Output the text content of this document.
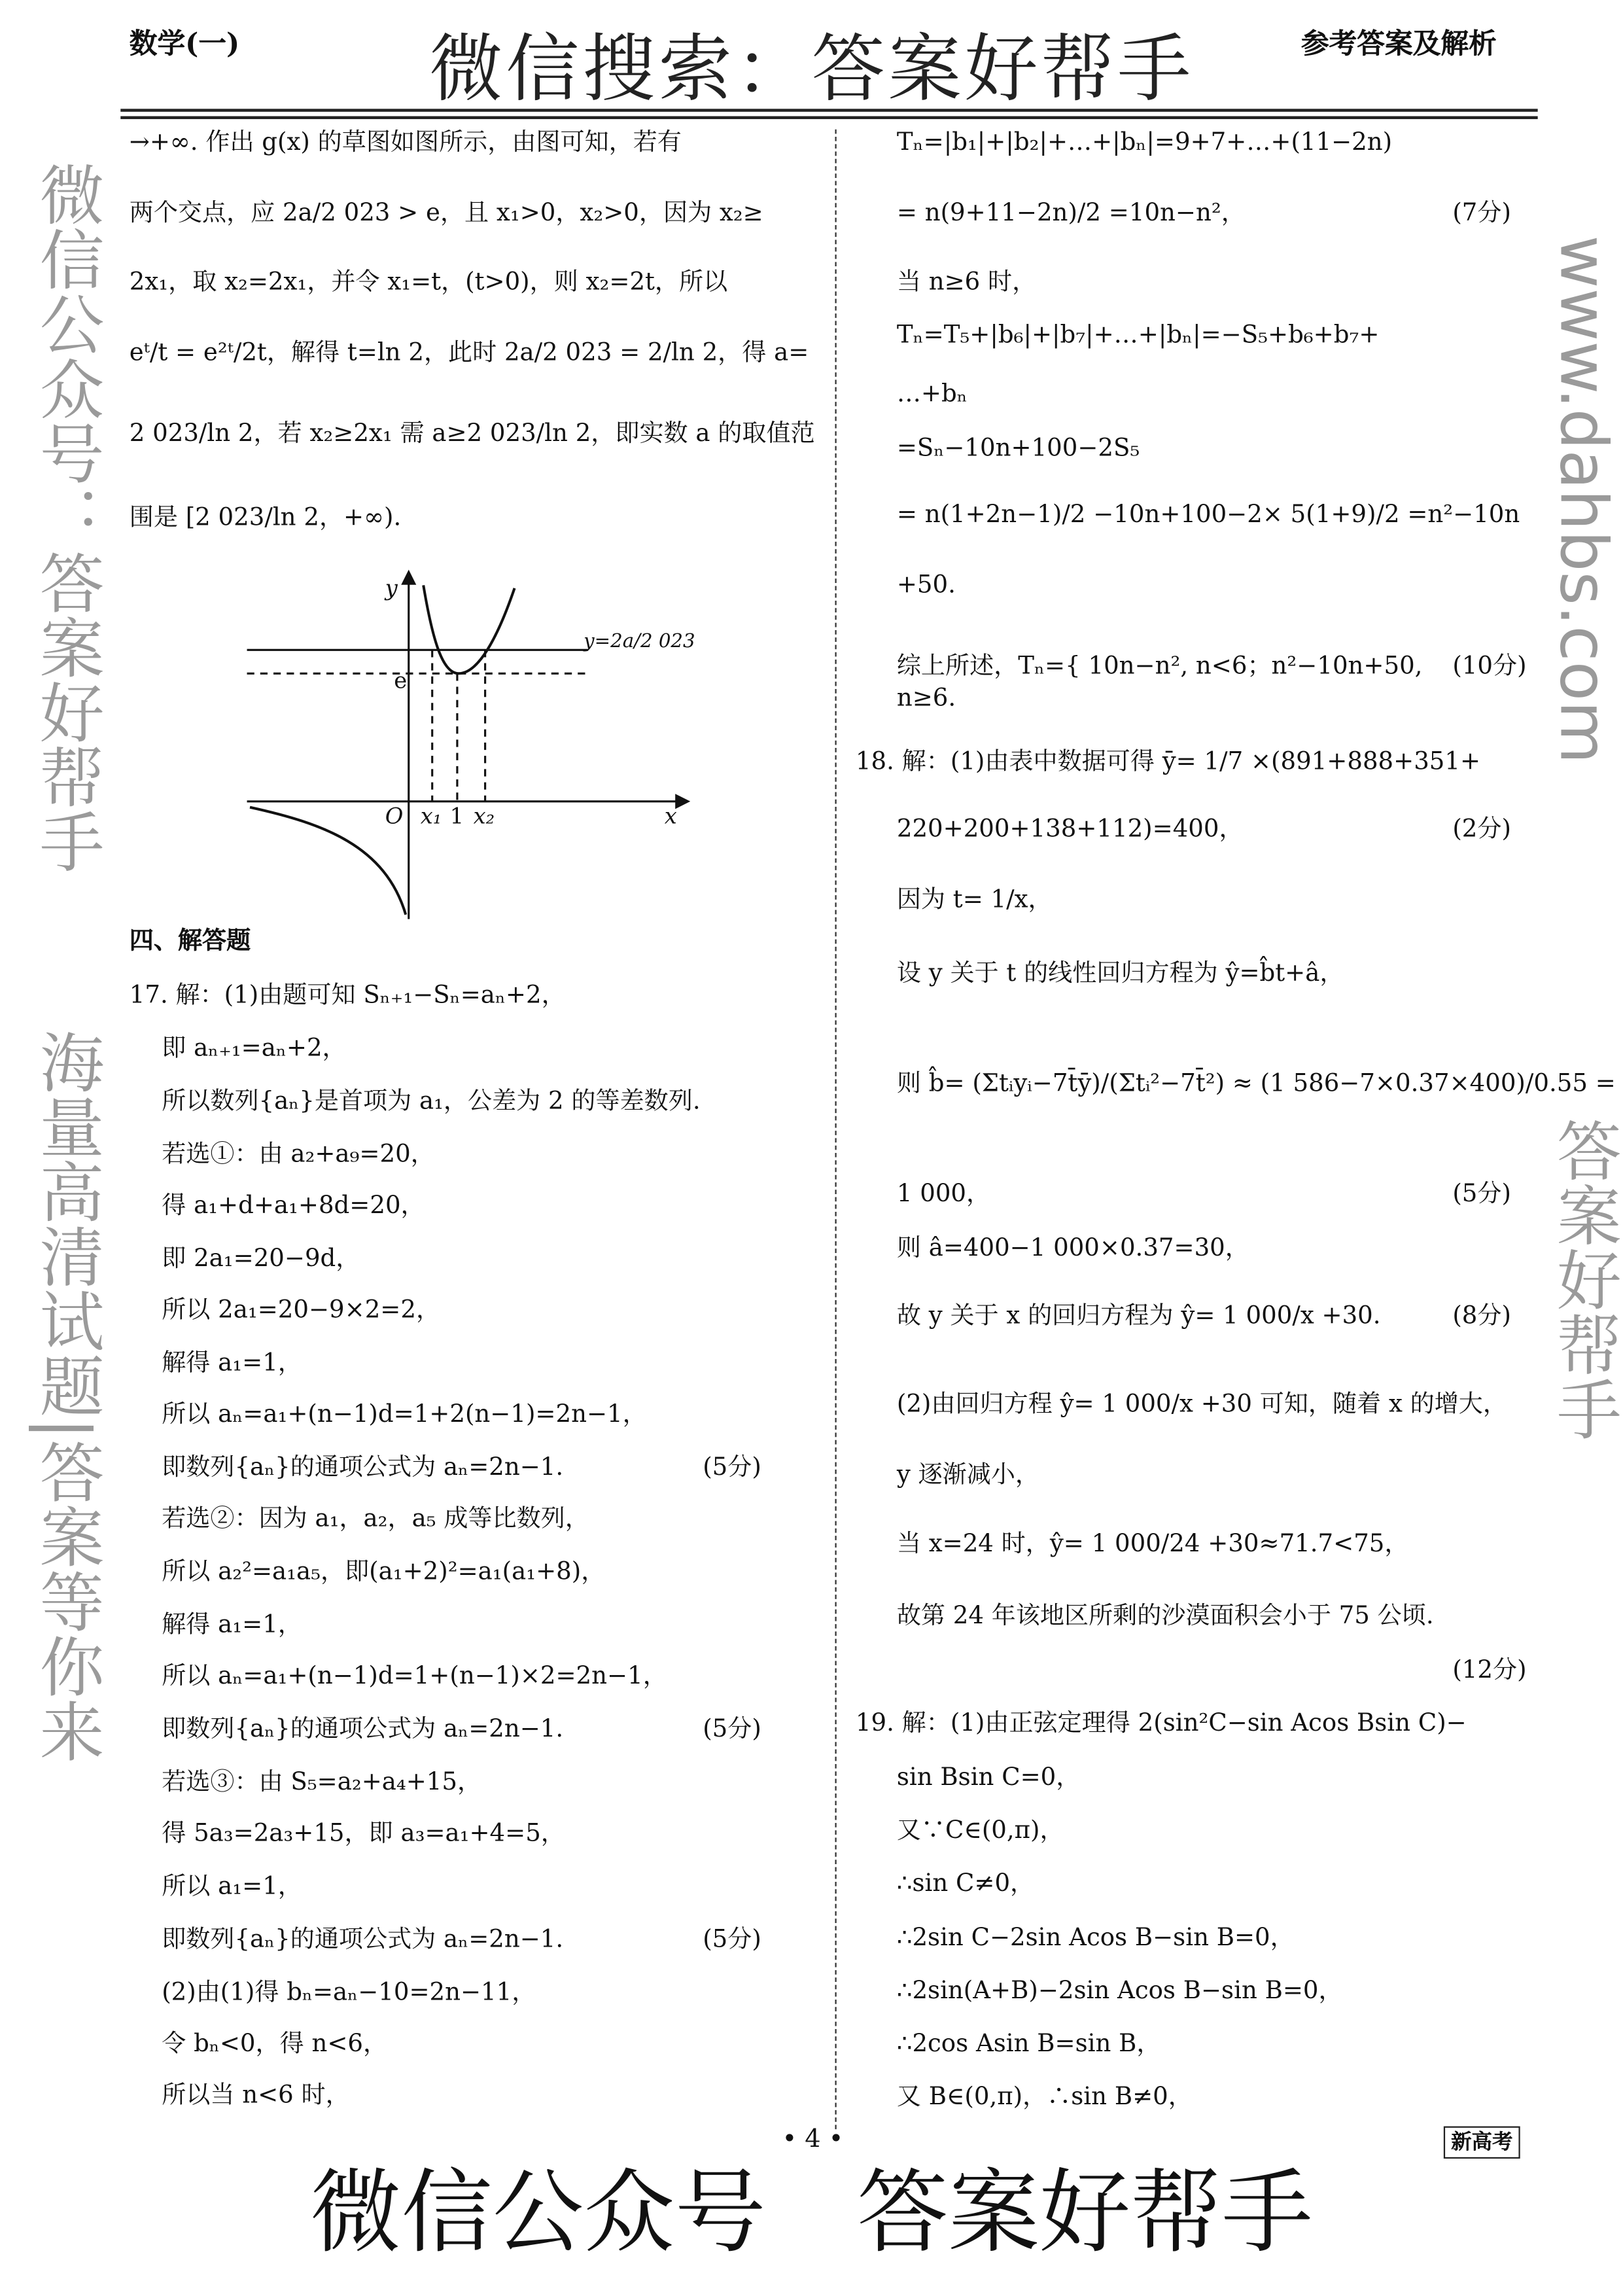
数学(一)	参考答案及解析
微信搜索：答案好帮手
→+∞. 作出 g(x) 的草图如图所示，由图可知，若有
两个交点，应 2a/2 023 > e，且 x₁>0，x₂>0，因为 x₂≥
2x₁，取 x₂=2x₁，并令 x₁=t，(t>0)，则 x₂=2t，所以
eᵗ/t = e²ᵗ/2t，解得 t=ln 2，此时 2a/2 023 = 2/ln 2，得 a=
2 023/ln 2，若 x₂≥2x₁ 需 a≥2 023/ln 2，即实数 a 的取值范
围是 [2 023/ln 2，+∞).
四、解答题
17. 解：(1)由题可知 Sₙ₊₁−Sₙ=aₙ+2，
即 aₙ₊₁=aₙ+2，
所以数列{aₙ}是首项为 a₁，公差为 2 的等差数列.
若选①：由 a₂+a₉=20，
得 a₁+d+a₁+8d=20，
即 2a₁=20−9d，
所以 2a₁=20−9×2=2，
解得 a₁=1，
所以 aₙ=a₁+(n−1)d=1+2(n−1)=2n−1，
即数列{aₙ}的通项公式为 aₙ=2n−1.	(5分)
若选②：因为 a₁，a₂，a₅ 成等比数列，
所以 a₂²=a₁a₅，即(a₁+2)²=a₁(a₁+8)，
解得 a₁=1，
所以 aₙ=a₁+(n−1)d=1+(n−1)×2=2n−1，
即数列{aₙ}的通项公式为 aₙ=2n−1.	(5分)
若选③：由 S₅=a₂+a₄+15，
得 5a₃=2a₃+15，即 a₃=a₁+4=5，
所以 a₁=1，
即数列{aₙ}的通项公式为 aₙ=2n−1.	(5分)
(2)由(1)得 bₙ=aₙ−10=2n−11，
令 bₙ<0，得 n<6，
所以当 n<6 时，
Tₙ=|b₁|+|b₂|+…+|bₙ|=9+7+…+(11−2n)
= n(9+11−2n)/2 =10n−n²，	(7分)
当 n≥6 时，
Tₙ=T₅+|b₆|+|b₇|+…+|bₙ|=−S₅+b₆+b₇+
…+bₙ
=Sₙ−10n+100−2S₅
= n(1+2n−1)/2 −10n+100−2× 5(1+9)/2 =n²−10n
+50.
综上所述，Tₙ={ 10n−n², n<6；n²−10n+50, n≥6.
(10分)
18. 解：(1)由表中数据可得 ȳ= 1/7 ×(891+888+351+
220+200+138+112)=400，	(2分)
因为 t= 1/x，
设 y 关于 t 的线性回归方程为 ŷ=b̂t+â，
则 b̂= (Σtᵢyᵢ−7t̄ȳ)/(Σtᵢ²−7t̄²) ≈ (1 586−7×0.37×400)/0.55 =
1 000，	(5分)
则 â=400−1 000×0.37=30，
故 y 关于 x 的回归方程为 ŷ= 1 000/x +30.	(8分)
(2)由回归方程 ŷ= 1 000/x +30 可知，随着 x 的增大，
y 逐渐减小，
当 x=24 时，ŷ= 1 000/24 +30≈71.7<75，
故第 24 年该地区所剩的沙漠面积会小于 75 公顷.
(12分)
19. 解：(1)由正弦定理得 2(sin²C−sin Acos Bsin C)−
sin Bsin C=0，
又∵C∈(0,π)，
∴sin C≠0，
∴2sin C−2sin Acos B−sin B=0，
∴2sin(A+B)−2sin Acos B−sin B=0，
∴2cos Asin B=sin B，
又 B∈(0,π)，∴sin B≠0，
y
e
O x₁ 1 x₂	x
y=2a/2 023
微信公众号：答案好帮手
海量高清试题|答案等你来
www.dahbs.com
答案好帮手
• 4 •	新高考
微信公众号　答案好帮手
